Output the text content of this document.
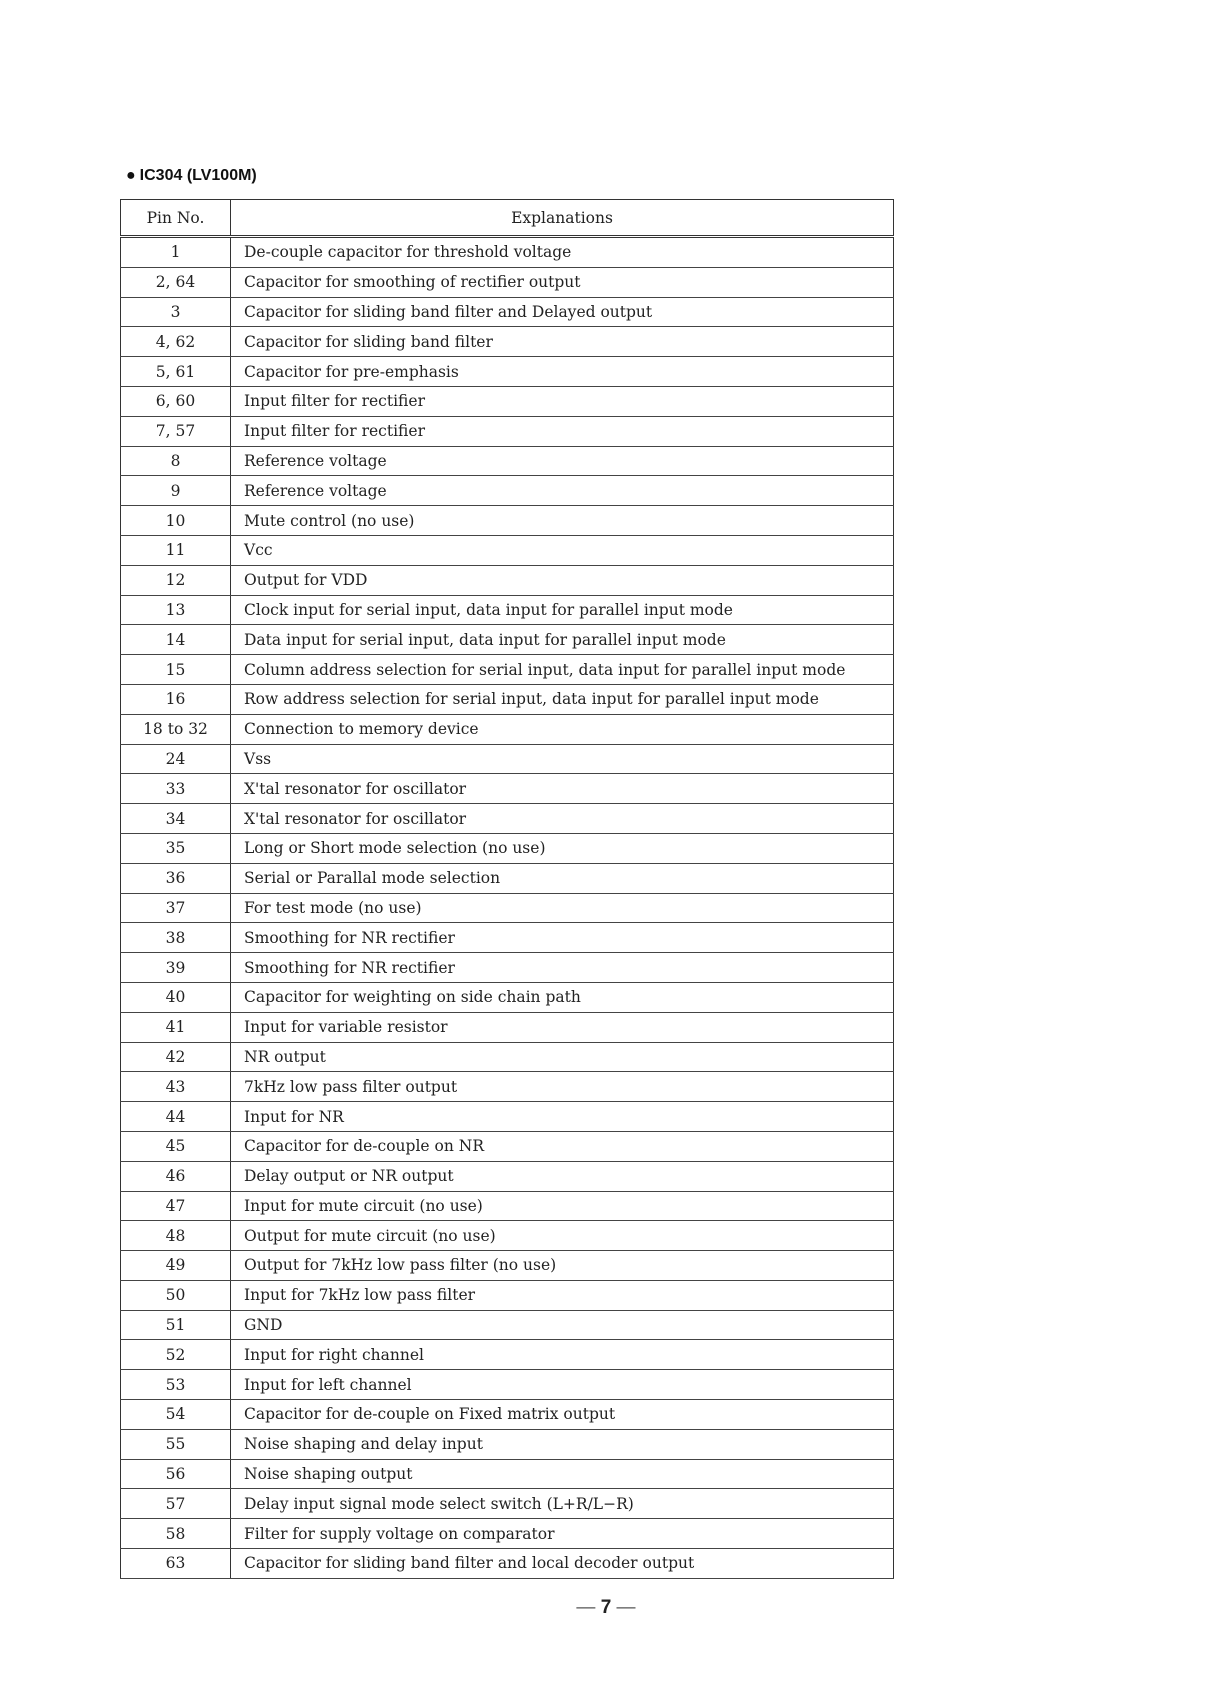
● IC304 (LV100M)
Pin No.	Explanations
1	De-couple capacitor for threshold voltage
2, 64	Capacitor for smoothing of rectifier output
3	Capacitor for sliding band filter and Delayed output
4, 62	Capacitor for sliding band filter
5, 61	Capacitor for pre-emphasis
6, 60	Input filter for rectifier
7, 57	Input filter for rectifier
8	Reference voltage
9	Reference voltage
10	Mute control (no use)
11	Vcc
12	Output for VDD
13	Clock input for serial input, data input for parallel input mode
14	Data input for serial input, data input for parallel input mode
15	Column address selection for serial input, data input for parallel input mode
16	Row address selection for serial input, data input for parallel input mode
18 to 32	Connection to memory device
24	Vss
33	X'tal resonator for oscillator
34	X'tal resonator for oscillator
35	Long or Short mode selection (no use)
36	Serial or Parallal mode selection
37	For test mode (no use)
38	Smoothing for NR rectifier
39	Smoothing for NR rectifier
40	Capacitor for weighting on side chain path
41	Input for variable resistor
42	NR output
43	7kHz low pass filter output
44	Input for NR
45	Capacitor for de-couple on NR
46	Delay output or NR output
47	Input for mute circuit (no use)
48	Output for mute circuit (no use)
49	Output for 7kHz low pass filter (no use)
50	Input for 7kHz low pass filter
51	GND
52	Input for right channel
53	Input for left channel
54	Capacitor for de-couple on Fixed matrix output
55	Noise shaping and delay input
56	Noise shaping output
57	Delay input signal mode select switch (L+R/L−R)
58	Filter for supply voltage on comparator
63	Capacitor for sliding band filter and local decoder output
— 7 —
